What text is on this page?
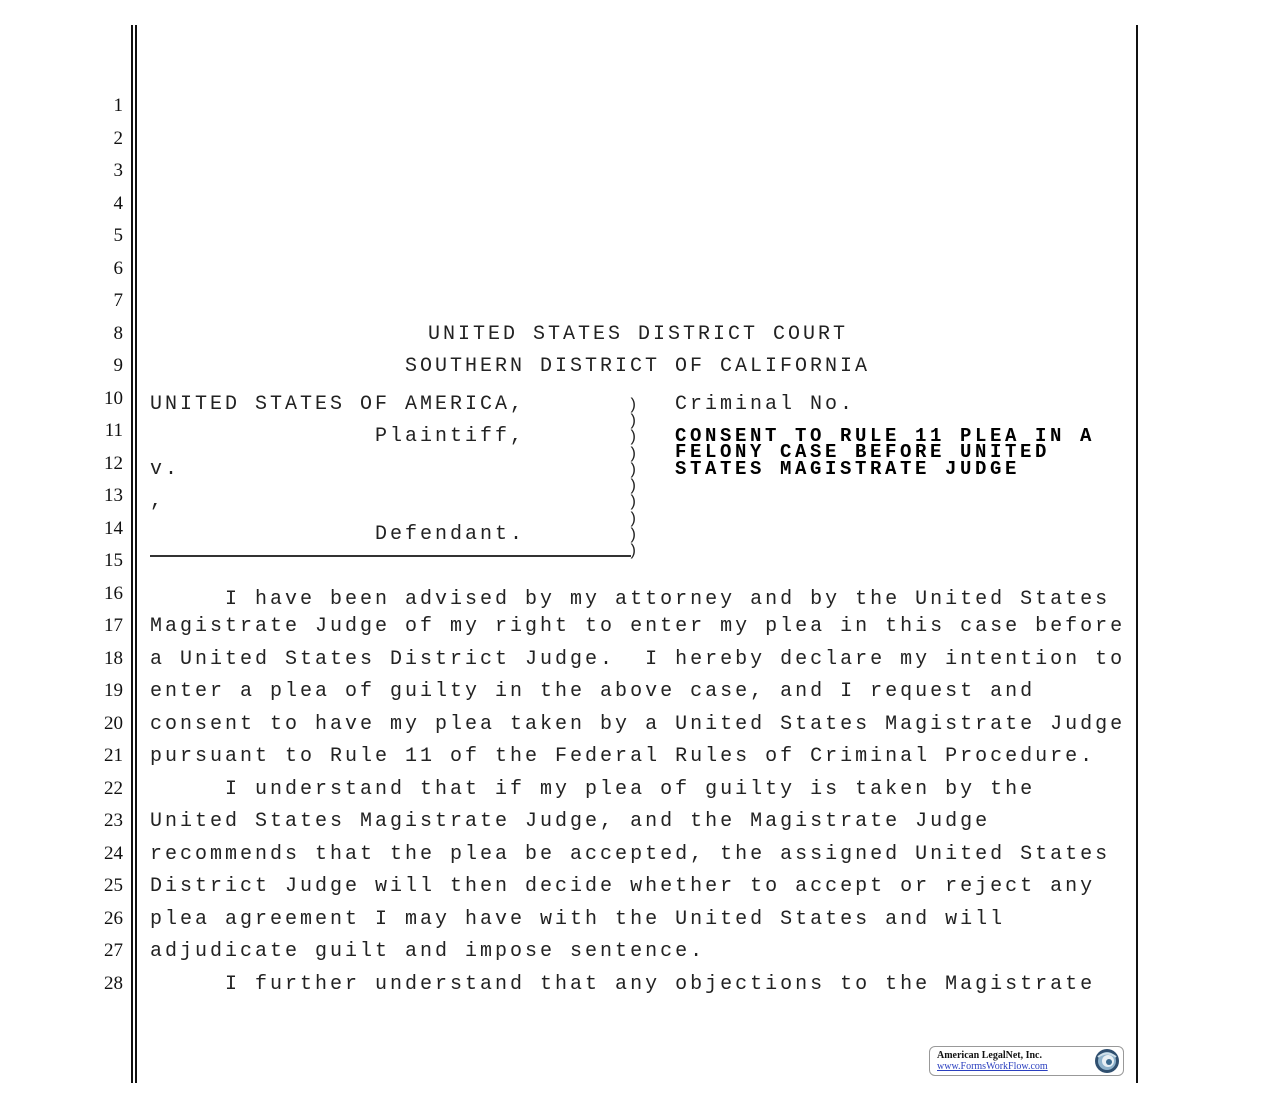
1
2
3
4
5
6
7
8
9
10
11
12
13
14
15
16
17
18
19
20
21
22
23
24
25
26
27
28
UNITED STATES DISTRICT COURT
SOUTHERN DISTRICT OF CALIFORNIA
UNITED STATES OF AMERICA,
Plaintiff,
v.
,
Defendant.
)
)
)
)
)
)
)
)
)
)
Criminal No.
CONSENT TO RULE 11 PLEA IN A
FELONY CASE BEFORE UNITED
STATES MAGISTRATE JUDGE
I have been advised by my attorney and by the United States
Magistrate Judge of my right to enter my plea in this case before
a United States District Judge.  I hereby declare my intention to
enter a plea of guilty in the above case, and I request and
consent to have my plea taken by a United States Magistrate Judge
pursuant to Rule 11 of the Federal Rules of Criminal Procedure.
I understand that if my plea of guilty is taken by the
United States Magistrate Judge, and the Magistrate Judge
recommends that the plea be accepted, the assigned United States
District Judge will then decide whether to accept or reject any
plea agreement I may have with the United States and will
adjudicate guilt and impose sentence.
I further understand that any objections to the Magistrate
American LegalNet, Inc.
www.FormsWorkFlow.com
